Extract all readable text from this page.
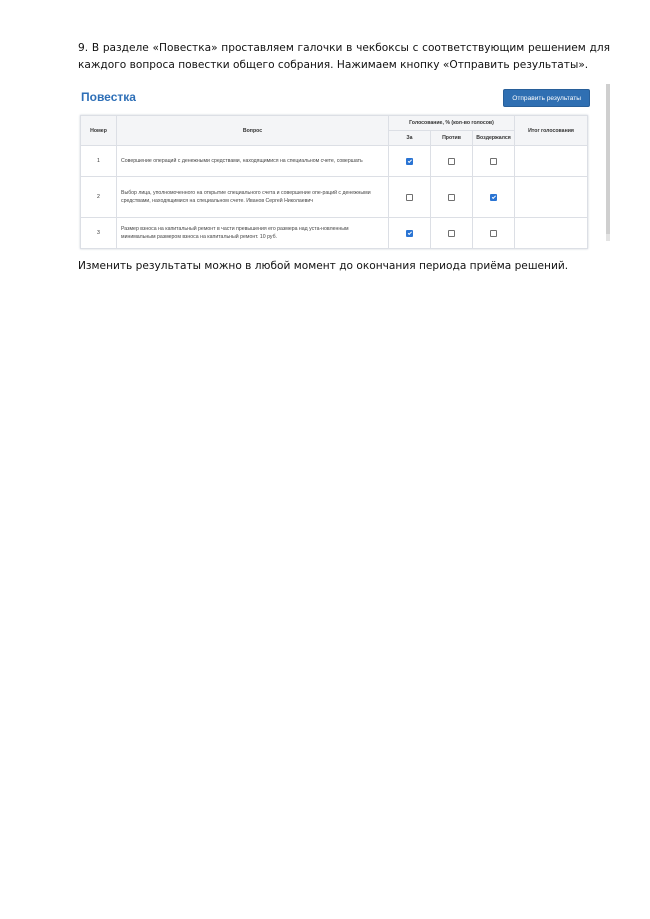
9. В разделе «Повестка» проставляем галочки в чекбоксы с соответствующим решением для каждого вопроса повестки общего собрания. Нажимаем кнопку «Отправить результаты».

Повестка	Отправить результаты
Номер	Вопрос	Голосование, % (кол-во голосов)			Итог голосования
		За	Против	Воздержался	
1	Совершение операций с денежными средствами, находящимися на специальном счете, совершать				
2	Выбор лица, уполномоченного на открытие специального счета и совершение опе-раций с денежными средствами, находящимися на специальном счете. Иванов Сергей Николаевич				
3	Размер взноса на капитальный ремонт в части превышения его размера над уста-новленным минимальным размером взноса на капитальный ремонт. 10 руб.				

Изменить результаты можно в любой момент до окончания периода приёма решений.
